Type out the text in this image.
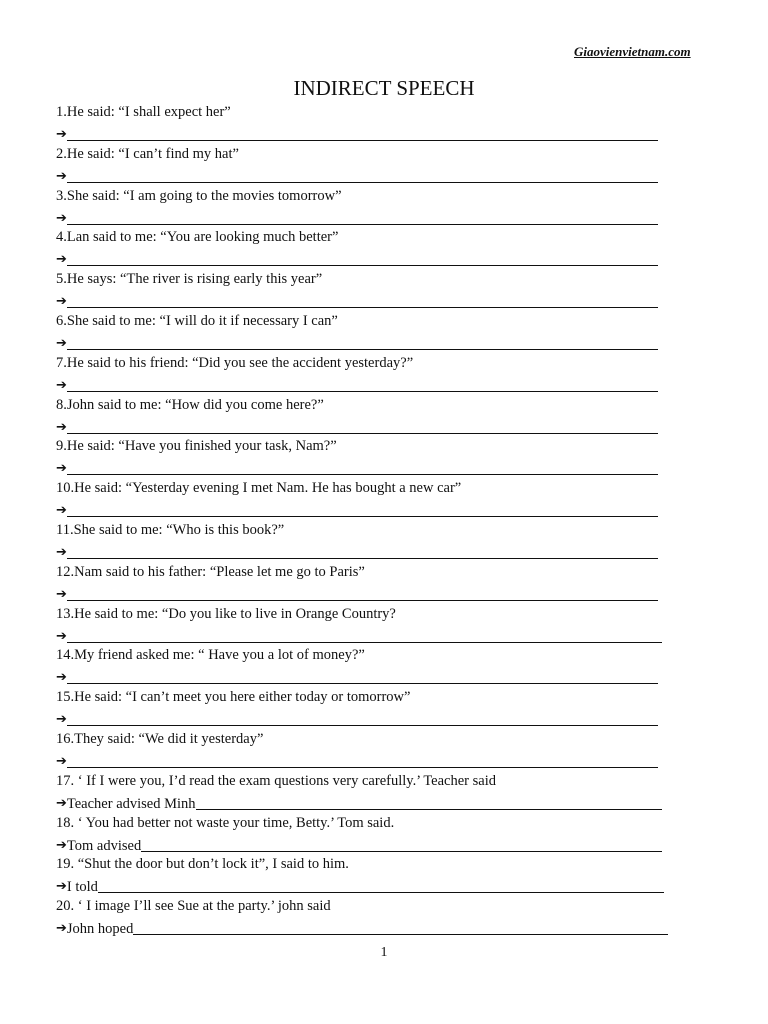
Giaovienvietnam.com
INDIRECT SPEECH
1.He said: “I shall expect her”
➔
2.He said: “I can’t find my hat”
➔
3.She said: “I am going to the movies tomorrow”
➔
4.Lan said to me: “You are looking much better”
➔
5.He says: “The river is rising early this year”
➔
6.She said to me: “I will do it if necessary I can”
➔
7.He said to his friend: “Did you see the accident yesterday?”
➔
8.John said to me: “How did you come here?”
➔
9.He said: “Have you finished your task, Nam?”
➔
10.He said: “Yesterday evening I met Nam. He has bought a new car”
➔
11.She said to me: “Who is this book?”
➔
12.Nam said to his father: “Please let me go to Paris”
➔
13.He said to me: “Do you like to live in Orange Country?
➔
14.My friend asked me: “ Have you a lot of money?”
➔
15.He said: “I can’t meet you here either today or tomorrow”
➔
16.They said: “We did it yesterday”
➔
17. ‘ If I were you, I’d read the exam questions very carefully.’ Teacher said
➔ Teacher advised Minh
18. ‘ You had better not waste your time, Betty.’ Tom said.
➔ Tom advised
19. “Shut the door but don’t lock it”, I said to him.
➔ I told
20. ‘ I image I’ll see Sue at the party.’ john said
➔ John hoped
1
